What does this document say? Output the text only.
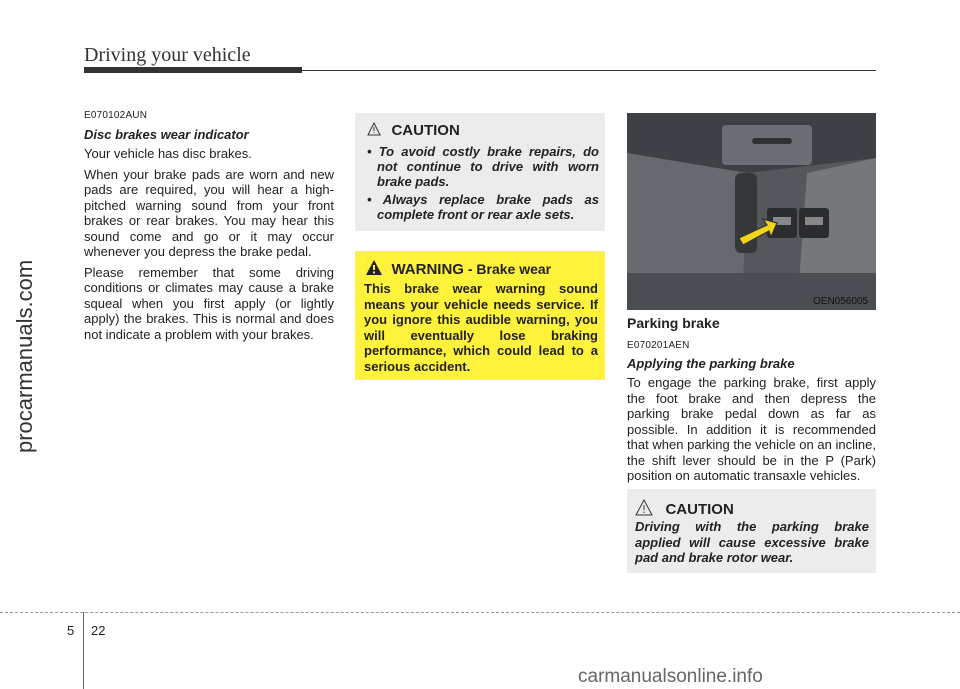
Driving your vehicle
procarmanuals.com
E070102AUN
Disc brakes wear indicator

Your vehicle has disc brakes.

When your brake pads are worn and new pads are required, you will hear a high-pitched warning sound from your front brakes or rear brakes. You may hear this sound come and go or it may occur whenever you depress the brake pedal.

Please remember that some driving conditions or climates may cause a brake squeal when you first apply (or lightly apply) the brakes. This is normal and does not indicate a problem with your brakes.

CAUTION
• To avoid costly brake repairs, do not continue to drive with worn brake pads.
• Always replace brake pads as complete front or rear axle sets.
WARNING - Brake wear
This brake wear warning sound means your vehicle needs service. If you ignore this audible warning, you will eventually lose braking performance, which could lead to a serious accident.
OEN056005
Parking brake
E070201AEN
Applying the parking brake
To engage the parking brake, first apply the foot brake and then depress the parking brake pedal down as far as possible. In addition it is recommended that when parking the vehicle on an incline, the shift lever should be in the P (Park) position on automatic transaxle vehicles.
CAUTION
Driving with the parking brake applied will cause excessive brake pad and brake rotor wear.
5 22
carmanualsonline.info
